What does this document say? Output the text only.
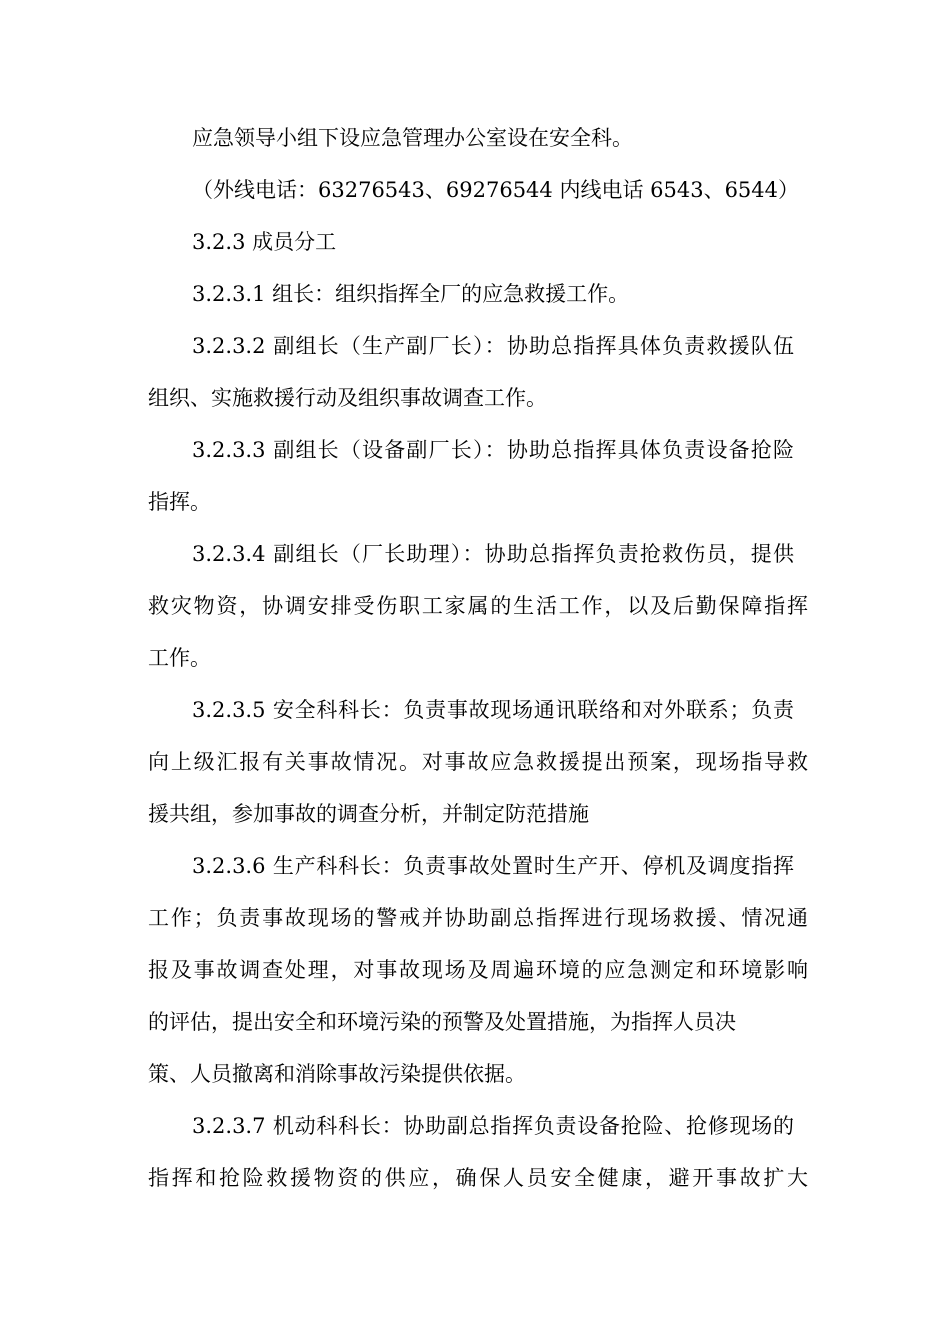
应急领导小组下设应急管理办公室设在安全科。
（外线电话：63276543、69276544 内线电话 6543、6544）
3.2.3 成员分工
3.2.3.1 组长：组织指挥全厂的应急救援工作。
3.2.3.2 副组长（生产副厂长）：协助总指挥具体负责救援队伍
组织、实施救援行动及组织事故调查工作。
3.2.3.3 副组长（设备副厂长）：协助总指挥具体负责设备抢险
指挥。
3.2.3.4 副组长（厂长助理）：协助总指挥负责抢救伤员，提供
救灾物资，协调安排受伤职工家属的生活工作，以及后勤保障指挥
工作。
3.2.3.5 安全科科长：负责事故现场通讯联络和对外联系；负责
向上级汇报有关事故情况。对事故应急救援提出预案，现场指导救
援共组，参加事故的调查分析，并制定防范措施
3.2.3.6 生产科科长：负责事故处置时生产开、停机及调度指挥
工作；负责事故现场的警戒并协助副总指挥进行现场救援、情况通
报及事故调查处理，对事故现场及周遍环境的应急测定和环境影响
的评估，提出安全和环境污染的预警及处置措施，为指挥人员决
策、人员撤离和消除事故污染提供依据。
3.2.3.7 机动科科长：协助副总指挥负责设备抢险、抢修现场的
指挥和抢险救援物资的供应，确保人员安全健康，避开事故扩大
